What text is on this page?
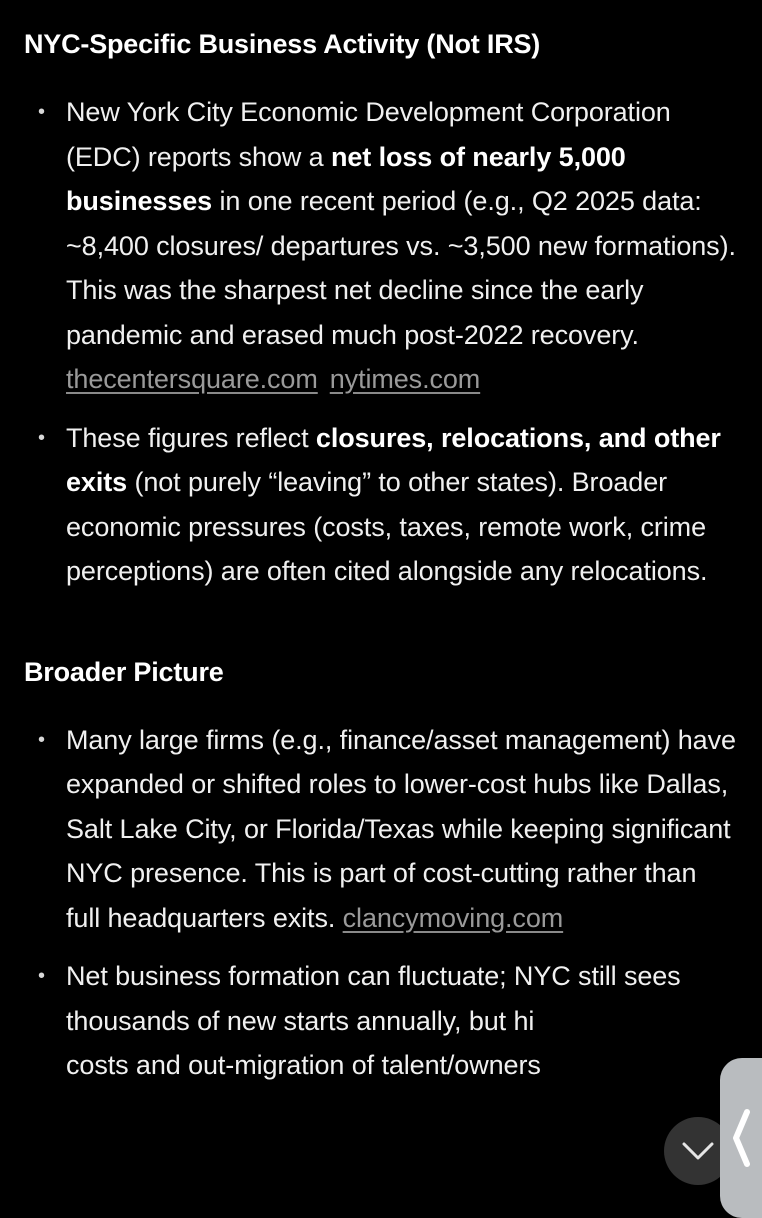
NYC-Specific Business Activity (Not IRS)
• New York City Economic Development Corporation (EDC) reports show a net loss of nearly 5,000 businesses in one recent period (e.g., Q2 2025 data: ~8,400 closures/ departures vs. ~3,500 new formations). This was the sharpest net decline since the early pandemic and erased much post-2022 recovery.
thecentersquare.com nytimes.com
• These figures reflect closures, relocations, and other exits (not purely “leaving” to other states). Broader economic pressures (costs, taxes, remote work, crime perceptions) are often cited alongside any relocations.
Broader Picture
• Many large firms (e.g., finance/asset management) have expanded or shifted roles to lower-cost hubs like Dallas, Salt Lake City, or Florida/Texas while keeping significant NYC presence. This is part of cost-cutting rather than full headquarters exits. clancymoving.com
• Net business formation can fluctuate; NYC still sees thousands of new starts annually, but hi
costs and out-migration of talent/owners
